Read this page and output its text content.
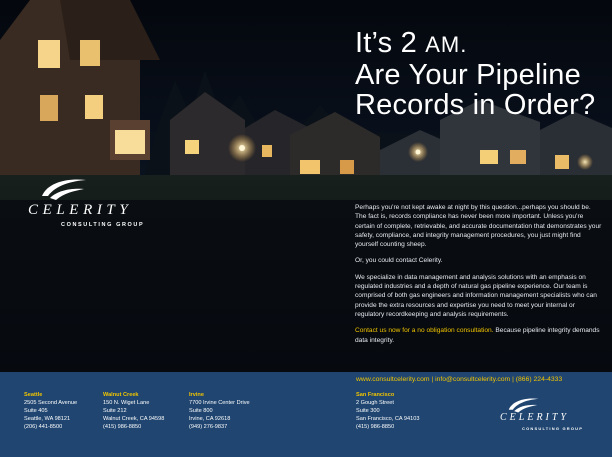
It’s 2 AM.
Are Your Pipeline
Records in Order?
CELERITY
CONSULTING GROUP

Perhaps you’re not kept awake at night by this question...perhaps you should be. The fact is, records compliance has never been more important. Unless you’re certain of complete, retrievable, and accurate documentation that demonstrates your safety, compliance, and integrity management procedures, you just might find yourself counting sheep.

Or, you could contact Celerity.

We specialize in data management and analysis solutions with an emphasis on regulated industries and a depth of natural gas pipeline experience. Our team is comprised of both gas engineers and information management specialists who can provide the extra resources and expertise you need to meet your internal or regulatory recordkeeping and analysis requirements.

Contact us now for a no obligation consultation. Because pipeline integrity demands data integrity.

www.consultcelerity.com | info@consultcelerity.com | (866) 224-4333
Seattle
2505 Second Avenue
Suite 405
Seattle, WA 98121
(206) 441-8500
Walnut Creek
150 N. Wiget Lane
Suite 212
Walnut Creek, CA 94598
(415) 986-8850
Irvine
7700 Irvine Center Drive
Suite 800
Irvine, CA 92618
(949) 276-9837
San Francisco
2 Gough Street
Suite 300
San Francisco, CA 94103
(415) 986-8850
CELERITY
CONSULTING GROUP
